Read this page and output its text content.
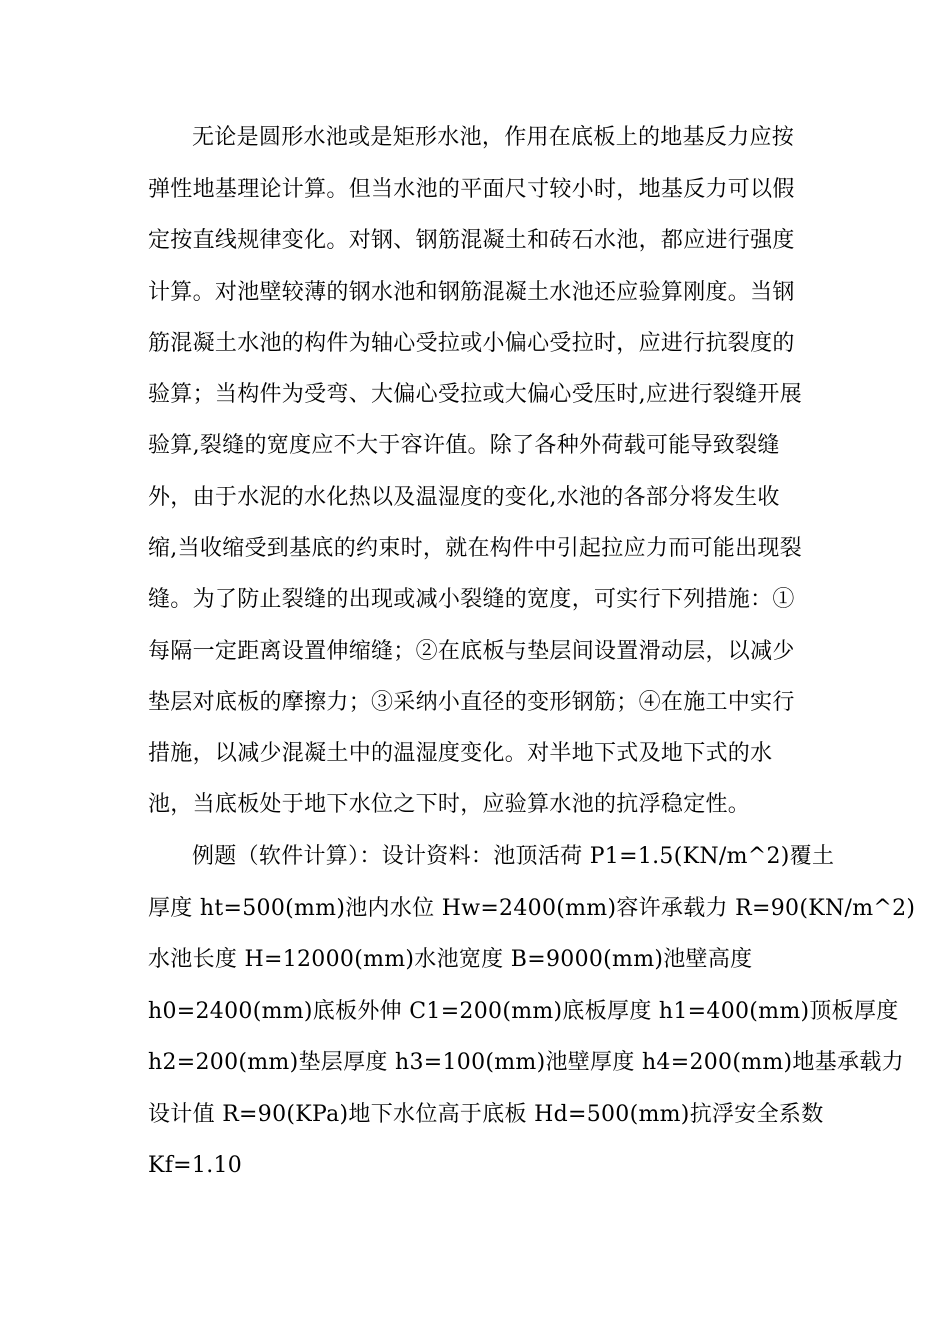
无论是圆形水池或是矩形水池，作用在底板上的地基反力应按
弹性地基理论计算。但当水池的平面尺寸较小时，地基反力可以假
定按直线规律变化。对钢、钢筋混凝土和砖石水池，都应进行强度
计算。对池壁较薄的钢水池和钢筋混凝土水池还应验算刚度。当钢
筋混凝土水池的构件为轴心受拉或小偏心受拉时，应进行抗裂度的
验算；当构件为受弯、大偏心受拉或大偏心受压时,应进行裂缝开展
验算,裂缝的宽度应不大于容许值。除了各种外荷载可能导致裂缝
外，由于水泥的水化热以及温湿度的变化,水池的各部分将发生收
缩,当收缩受到基底的约束时，就在构件中引起拉应力而可能出现裂
缝。为了防止裂缝的出现或减小裂缝的宽度，可实行下列措施：①
每隔一定距离设置伸缩缝；②在底板与垫层间设置滑动层，以减少
垫层对底板的摩擦力；③采纳小直径的变形钢筋；④在施工中实行
措施，以减少混凝土中的温湿度变化。对半地下式及地下式的水
池，当底板处于地下水位之下时，应验算水池的抗浮稳定性。
例题（软件计算）：设计资料：池顶活荷 P1=1.5(KN/m^2)覆土
厚度 ht=500(mm)池内水位 Hw=2400(mm)容许承载力 R=90(KN/m^2)
水池长度 H=12000(mm)水池宽度 B=9000(mm)池壁高度
h0=2400(mm)底板外伸 C1=200(mm)底板厚度 h1=400(mm)顶板厚度
h2=200(mm)垫层厚度 h3=100(mm)池壁厚度 h4=200(mm)地基承载力
设计值 R=90(KPa)地下水位高于底板 Hd=500(mm)抗浮安全系数
Kf=1.10
